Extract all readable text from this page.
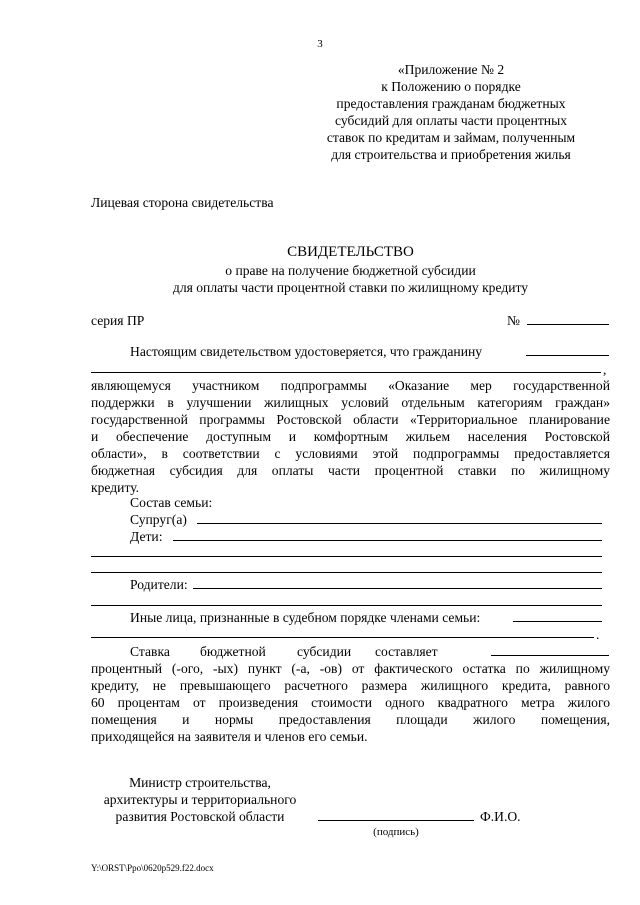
3
«Приложение № 2
к Положению о порядке
предоставления гражданам бюджетных
субсидий для оплаты части процентных
ставок по кредитам и займам, полученным
для строительства и приобретения жилья
Лицевая сторона свидетельства
СВИДЕТЕЛЬСТВО
о праве на получение бюджетной субсидии
для оплаты части процентной ставки по жилищному кредиту
серия ПР	№
Настоящим свидетельством удостоверяется, что гражданину
,
являющемуся участником подпрограммы «Оказание мер государственной
поддержки в улучшении жилищных условий отдельным категориям граждан»
государственной программы Ростовской области «Территориальное планирование
и обеспечение доступным и комфортным жильем населения Ростовской
области», в соответствии с условиями этой подпрограммы предоставляется
бюджетная субсидия для оплаты части процентной ставки по жилищному
кредиту.
Состав семьи:
Супруг(а)
Дети:
Родители:
Иные лица, признанные в судебном порядке членами семьи:
.
Ставка бюджетной субсидии составляет
процентный (-ого, -ых) пункт (-а, -ов) от фактического остатка по жилищному
кредиту, не превышающего расчетного размера жилищного кредита, равного
60 процентам от произведения стоимости одного квадратного метра жилого
помещения и нормы предоставления площади жилого помещения,
приходящейся на заявителя и членов его семьи.
Министр строительства,
архитектуры и территориального
развития Ростовской области	Ф.И.О.
(подпись)
Y:\ORST\Ppo\0620p529.f22.docx
